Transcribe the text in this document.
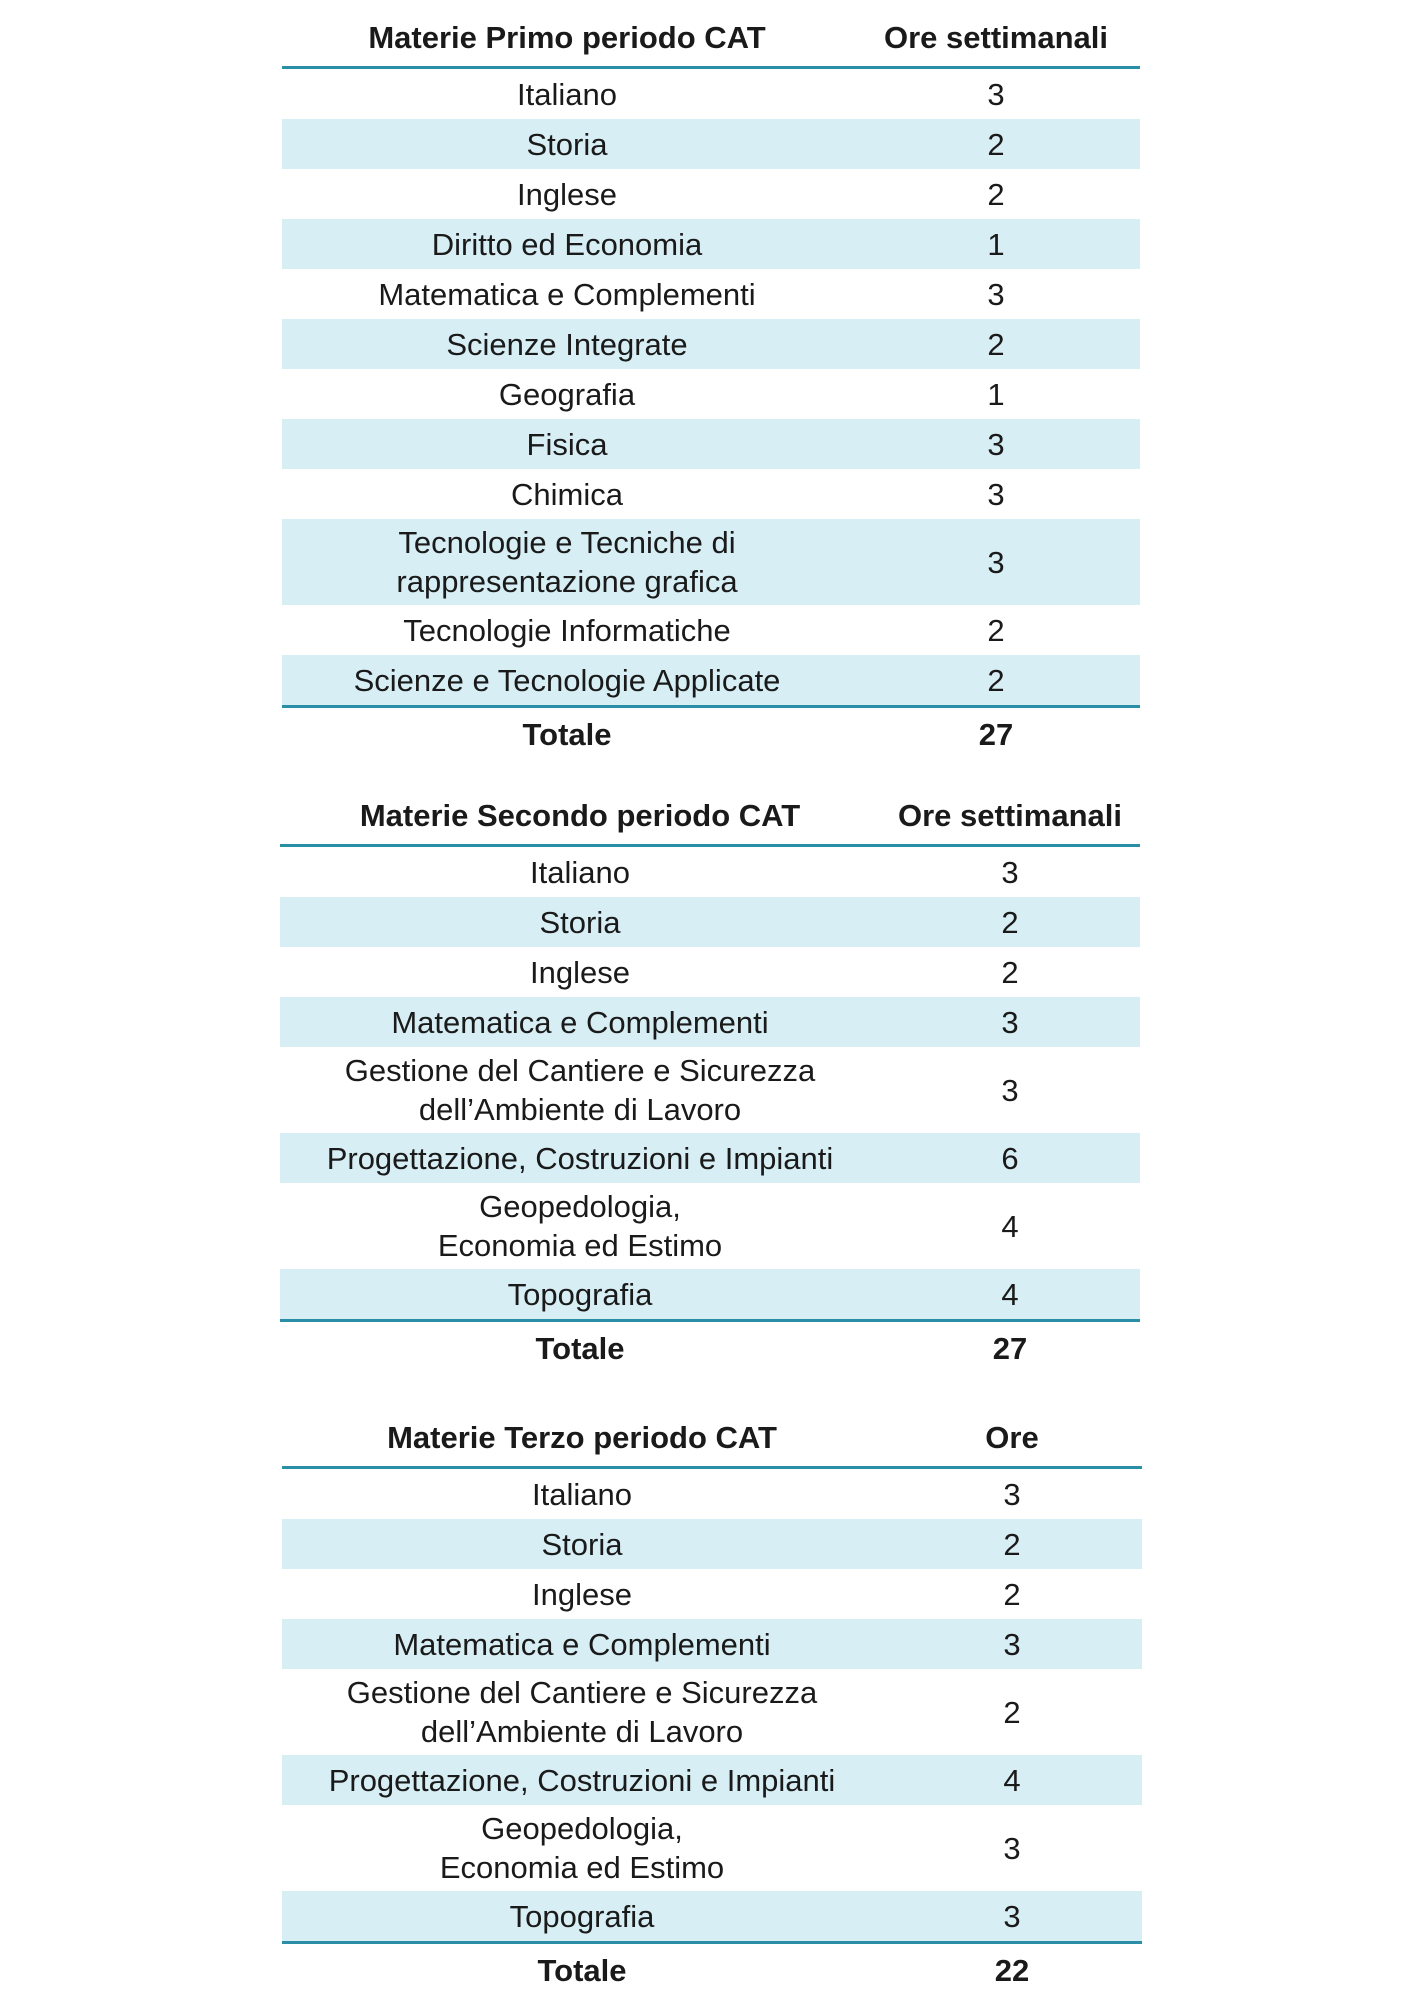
Materie Primo periodo CAT	Ore settimanali
Italiano	3
Storia	2
Inglese	2
Diritto ed Economia	1
Matematica e Complementi	3
Scienze Integrate	2
Geografia	1
Fisica	3
Chimica	3
Tecnologie e Tecniche di
rappresentazione grafica	3
Tecnologie Informatiche	2
Scienze e Tecnologie Applicate	2
Totale	27
Materie Secondo periodo CAT	Ore settimanali
Italiano	3
Storia	2
Inglese	2
Matematica e Complementi	3
Gestione del Cantiere e Sicurezza
dell’Ambiente di Lavoro	3
Progettazione, Costruzioni e Impianti	6
Geopedologia,
Economia ed Estimo	4
Topografia	4
Totale	27
Materie Terzo periodo CAT	Ore
Italiano	3
Storia	2
Inglese	2
Matematica e Complementi	3
Gestione del Cantiere e Sicurezza
dell’Ambiente di Lavoro	2
Progettazione, Costruzioni e Impianti	4
Geopedologia,
Economia ed Estimo	3
Topografia	3
Totale	22
